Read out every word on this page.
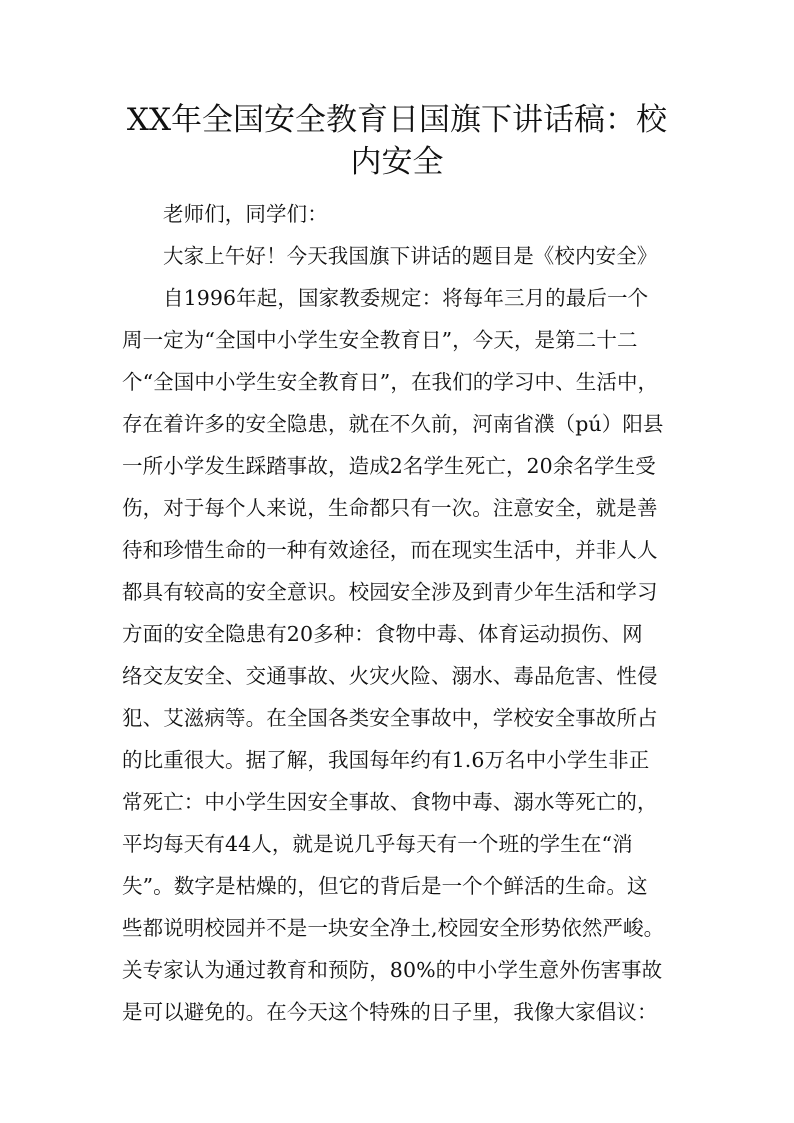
XX年全国安全教育日国旗下讲话稿：校
内安全
老师们，同学们：
大家上午好！今天我国旗下讲话的题目是《校内安全》
自1996年起，国家教委规定：将每年三月的最后一个
周一定为“全国中小学生安全教育日”，今天，是第二十二
个“全国中小学生安全教育日”，在我们的学习中、生活中，
存在着许多的安全隐患，就在不久前，河南省濮（pú）阳县
一所小学发生踩踏事故，造成2名学生死亡，20余名学生受
伤，对于每个人来说，生命都只有一次。注意安全，就是善
待和珍惜生命的一种有效途径，而在现实生活中，并非人人
都具有较高的安全意识。校园安全涉及到青少年生活和学习
方面的安全隐患有20多种：食物中毒、体育运动损伤、网
络交友安全、交通事故、火灾火险、溺水、毒品危害、性侵
犯、艾滋病等。在全国各类安全事故中，学校安全事故所占
的比重很大。据了解，我国每年约有1.6万名中小学生非正
常死亡：中小学生因安全事故、食物中毒、溺水等死亡的，
平均每天有44人，就是说几乎每天有一个班的学生在“消
失”。数字是枯燥的，但它的背后是一个个鲜活的生命。这
些都说明校园并不是一块安全净土,校园安全形势依然严峻。
关专家认为通过教育和预防，80%的中小学生意外伤害事故
是可以避免的。在今天这个特殊的日子里，我像大家倡议：
